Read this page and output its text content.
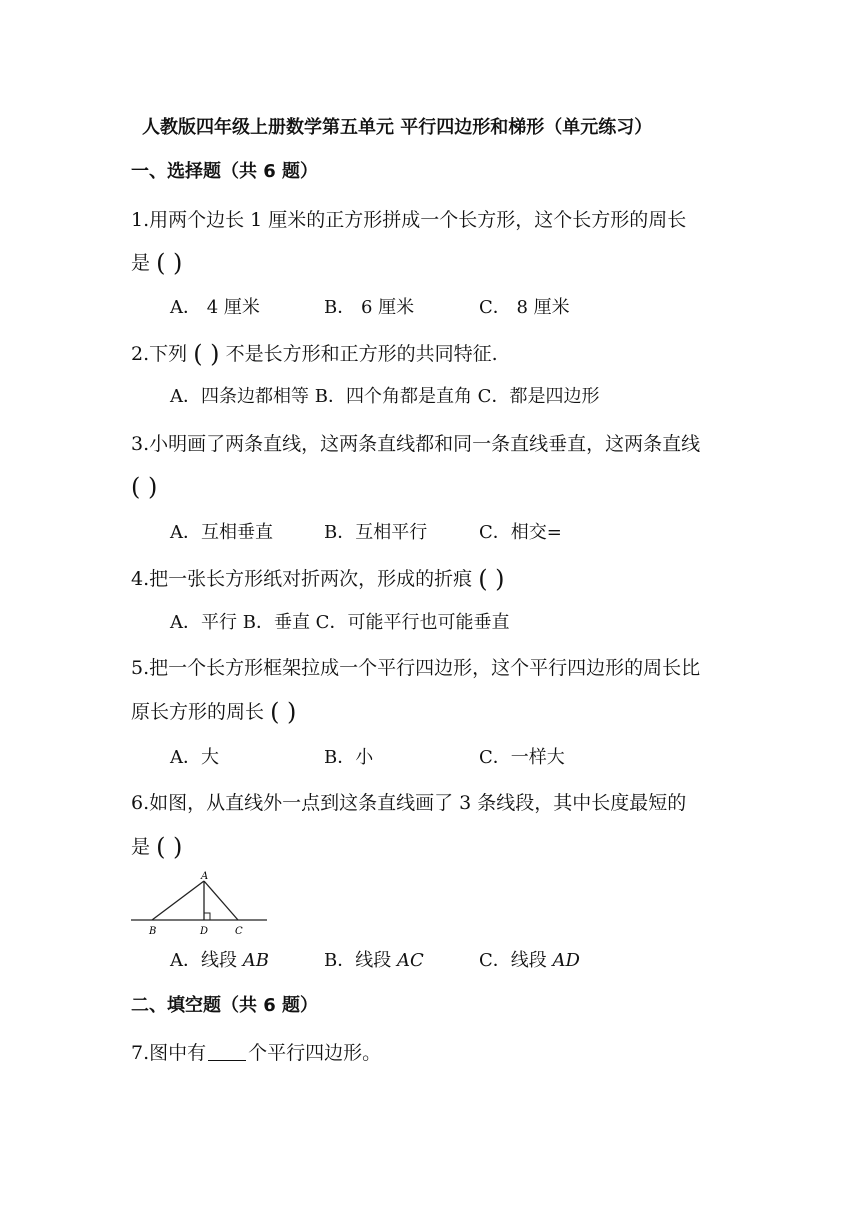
人教版四年级上册数学第五单元 平行四边形和梯形（单元练习）
一、选择题（共 6 题）
1.用两个边长 1 厘米的正方形拼成一个长方形，这个长方形的周长
是 ( )
A． 4 厘米	B． 6 厘米	C． 8 厘米
2.下列 ( ) 不是长方形和正方形的共同特征.
A．四条边都相等 B．四个角都是直角 C．都是四边形
3.小明画了两条直线，这两条直线都和同一条直线垂直，这两条直线
( )
A．互相垂直	B．互相平行	C．相交=
4.把一张长方形纸对折两次，形成的折痕 ( )
A．平行 B．垂直 C．可能平行也可能垂直
5.把一个长方形框架拉成一个平行四边形，这个平行四边形的周长比
原长方形的周长 ( )
A．大	B．小	C．一样大
6.如图，从直线外一点到这条直线画了 3 条线段，其中长度最短的
是 ( )
A
B	D	C
A．线段 AB	B．线段 AC	C．线段 AD
二、填空题（共 6 题）
7.图中有 个平行四边形。
